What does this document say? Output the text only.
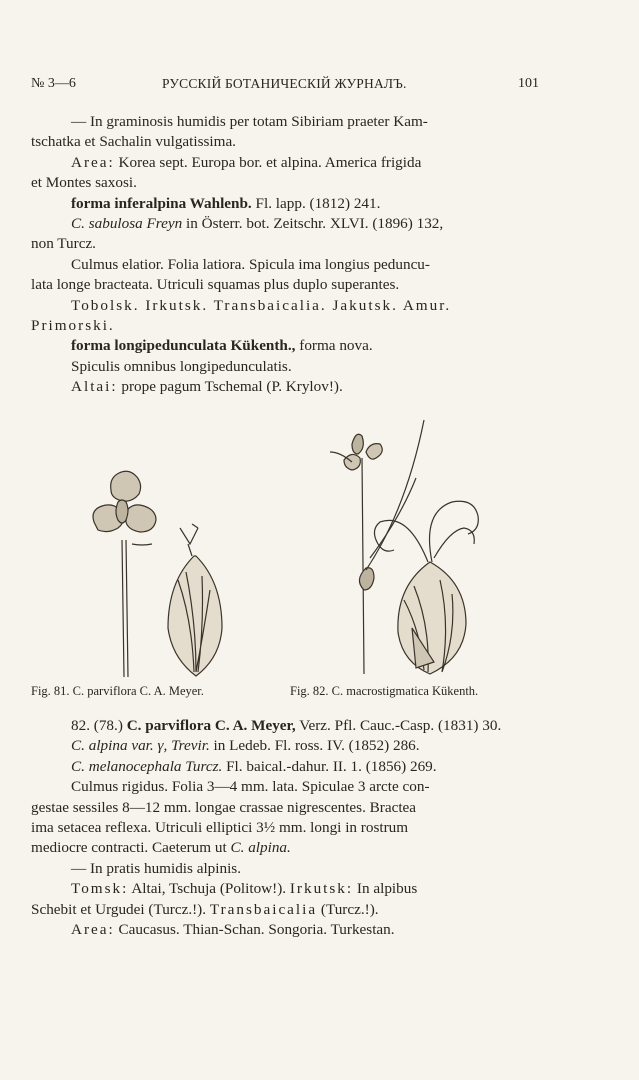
№ 3—6	РУССКІЙ БОТАНИЧЕСКІЙ ЖУРНАЛЪ.	101
— In graminosis humidis per totam Sibiriam praeter Kam-
tschatka et Sachalin vulgatissima.
Area: Korea sept. Europa bor. et alpina. America frigida
et Montes saxosi.
forma inferalpina Wahlenb. Fl. lapp. (1812) 241.
C. sabulosa Freyn in Österr. bot. Zeitschr. XLVI. (1896) 132,
non Turcz.
Culmus elatior. Folia latiora. Spicula ima longius peduncu-
lata longe bracteata. Utriculi squamas plus duplo superantes.
Tobolsk. Irkutsk. Transbaicalia. Jakutsk. Amur.
Primorski.
forma longipedunculata Kükenth., forma nova.
Spiculis omnibus longipedunculatis.
Altai: prope pagum Tschemal (P. Krylov!).
Fig. 81. C. parviflora C. A. Meyer.	Fig. 82. C. macrostigmatica Kükenth.
82. (78.) C. parviflora C. A. Meyer, Verz. Pfl. Cauc.-Casp. (1831) 30.
C. alpina var. γ, Trevir. in Ledeb. Fl. ross. IV. (1852) 286.
C. melanocephala Turcz. Fl. baical.-dahur. II. 1. (1856) 269.
Culmus rigidus. Folia 3—4 mm. lata. Spiculae 3 arcte con-
gestae sessiles 8—12 mm. longae crassae nigrescentes. Bractea
ima setacea reflexa. Utriculi elliptici 3½ mm. longi in rostrum
mediocre contracti. Caeterum ut C. alpina.
— In pratis humidis alpinis.
Tomsk: Altai, Tschuja (Politow!). Irkutsk: In alpibus
Schebit et Urgudei (Turcz.!). Transbaicalia (Turcz.!).
Area: Caucasus. Thian-Schan. Songoria. Turkestan.
